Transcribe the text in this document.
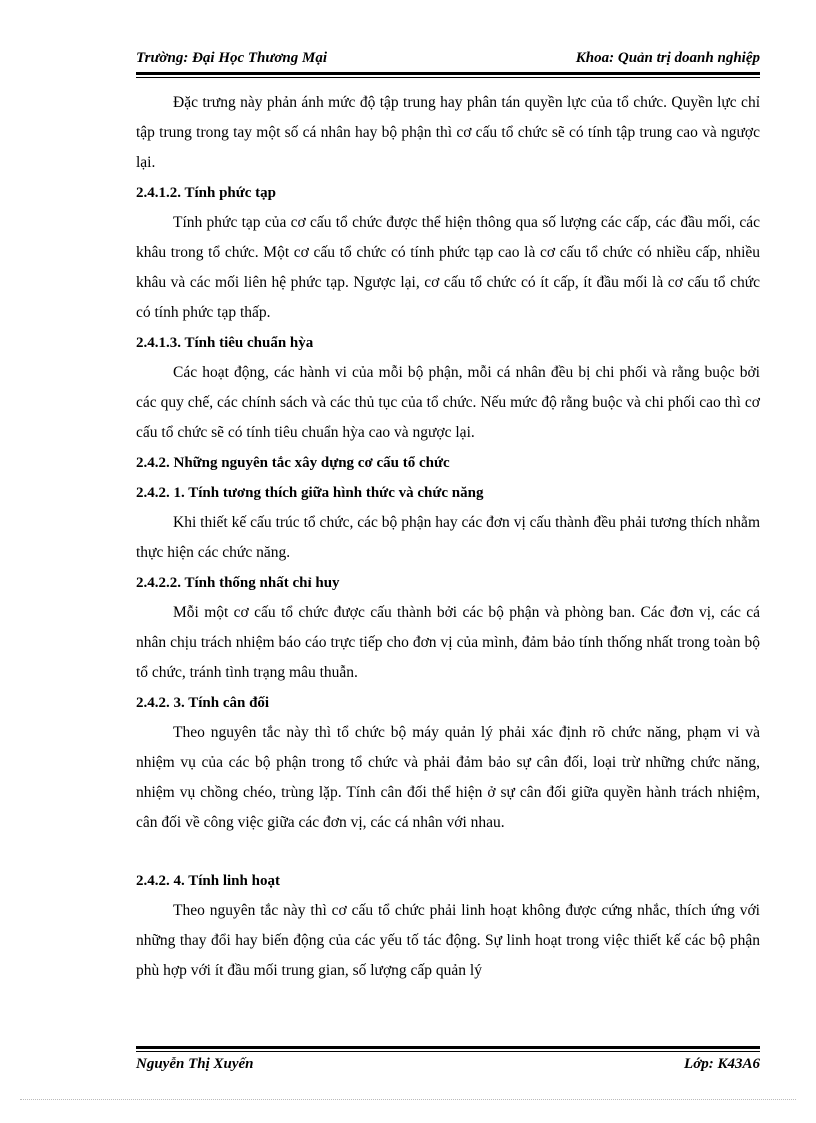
Trường: Đại Học Thương Mại	Khoa: Quản trị doanh nghiệp

Đặc trưng này phản ánh mức độ tập trung hay phân tán quyền lực của tổ chức. Quyền lực chỉ tập trung trong tay một số cá nhân hay bộ phận thì cơ cấu tổ chức sẽ có tính tập trung cao và ngược lại.

2.4.1.2. Tính phức tạp

Tính phức tạp của cơ cấu tổ chức được thể hiện thông qua số lượng các cấp, các đầu mối, các khâu trong tổ chức. Một cơ cấu tổ chức có tính phức tạp cao là cơ cấu tổ chức có nhiều cấp, nhiều khâu và các mối liên hệ phức tạp. Ngược lại, cơ cấu tổ chức có ít cấp, ít đầu mối là cơ cấu tổ chức có tính phức tạp thấp.

2.4.1.3. Tính tiêu chuẩn hỳa

Các hoạt động, các hành vi của mỗi bộ phận, mỗi cá nhân đều bị chi phối và rằng buộc bởi các quy chế, các chính sách và các thủ tục của tổ chức. Nếu mức độ rằng buộc và chi phối cao thì cơ cấu tổ chức sẽ có tính tiêu chuẩn hỳa cao và ngược lại.

2.4.2. Những nguyên tắc xây dựng cơ cấu tổ chức
2.4.2. 1. Tính tương thích giữa hình thức và chức năng

Khi thiết kế cấu trúc tổ chức, các bộ phận hay các đơn vị cấu thành đều phải tương thích nhằm thực hiện các chức năng.

2.4.2.2. Tính thống nhất chỉ huy

Mỗi một cơ cấu tổ chức được cấu thành bởi các bộ phận và phòng ban. Các đơn vị, các cá nhân chịu trách nhiệm báo cáo trực tiếp cho đơn vị của mình, đảm bảo tính thống nhất trong toàn bộ tổ chức, tránh tình trạng mâu thuẫn.

2.4.2. 3. Tính cân đối

Theo nguyên tắc này thì tổ chức bộ máy quản lý phải xác định rõ chức năng, phạm vi và nhiệm vụ của các bộ phận trong tổ chức và phải đảm bảo sự cân đối, loại trừ những chức năng, nhiệm vụ chồng chéo, trùng lặp. Tính cân đối thể hiện ở sự cân đối giữa quyền hành trách nhiệm, cân đối về công việc giữa các đơn vị, các cá nhân với nhau.

2.4.2. 4. Tính linh hoạt

Theo nguyên tắc này thì cơ cấu tổ chức phải linh hoạt không được cứng nhắc, thích ứng với những thay đổi hay biến động của các yếu tố tác động. Sự linh hoạt trong việc thiết kế các bộ phận phù hợp với ít đầu mối trung gian, số lượng cấp quản lý

Nguyễn Thị Xuyến	Lớp: K43A6
